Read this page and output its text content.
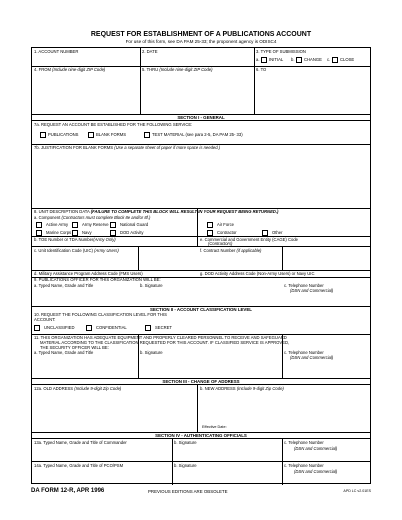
REQUEST FOR ESTABLISHMENT OF A PUBLICATIONS ACCOUNT
For use of this form, see DA PAM 25-33; the proponent agency is ODISC4
1. ACCOUNT NUMBER	2. DATE	3. TYPE OF SUBMISSION
a. INITIAL b. CHANGE c. CLOSE
4. FROM (Include nine-digit ZIP Code)	5. THRU (Include nine-digit ZIP Code)	6. TO
SECTION I - GENERAL
7a. REQUEST AN ACCOUNT BE ESTABLISHED FOR THE FOLLOWING SERVICE:
PUBLICATIONS	BLANK FORMS	TEST MATERIAL (see para 2-5, DA PAM 25- 33)
7b. JUSTIFICATION FOR BLANK FORMS (Use a separate sheet of paper if more space is needed.)
8. UNIT DESCRIPTION DATA (FAILURE TO COMPLETE THIS BLOCK WILL RESULT IN YOUR REQUEST BEING RETURNED.)
a. Component (Contractors must complete Block 8e and/or 8f.)
Active Army	Army Reserve	National Guard	Air Force
Marine Corps	Navy	DOD Activity	Contractor	Other
b. TOE Number or TDA Number(Army Only)	e. Commercial and Government Entity (CAGE) Code
(Contractors)
c. Unit Identification Code (UIC) (Army Users)	f. Contract Number (if applicable)
d. Military Assistance Program Address Code (FMS Users)	g. DOD Activity Address Code (Non-Army Users) or Navy UIC
9. PUBLICATIONS OFFICER FOR THIS ORGANIZATION WILL BE:
a. Typed Name, Grade and Title	b. Signature	c. Telephone Number
(DSN and Commercial)
SECTION II - ACCOUNT CLASSIFICATION LEVEL
10. REQUEST THE FOLLOWING CLASSIFICATION LEVEL FOR THIS
ACCOUNT:
UNCLASSIFIED	CONFIDENTIAL	SECRET
11. THIS ORGANIZATION HAS ADEQUATE EQUIPMENT AND PROPERLY CLEARED PERSONNEL TO RECEIVE AND SAFEGUARD
MATERIAL ACCORDING TO THE CLASSIFICATION REQUESTED FOR THIS ACCOUNT. IF CLASSIFIED SERVICE IS APPROVED,
THE SECURITY OFFICER WILL BE:
a. Typed Name, Grade and Title	b. Signature	c. Telephone Number
(DSN and Commercial)
SECTION III - CHANGE OF ADDRESS
12a. OLD ADDRESS (Include 9-digit Zip Code)	b. NEW ADDRESS (Include 9-digit Zip Code)
Effective Date:
SECTION IV - AUTHENTICATING OFFICIALS
13a. Typed Name, Grade and Title of Commander	b. Signature	c. Telephone Number
(DSN and Commercial)
14a. Typed Name, Grade and Title of PCO/PSM	b. Signature	c. Telephone Number
(DSN and Commercial)
DA FORM 12-R, APR 1996	PREVIOUS EDITIONS ARE OBSOLETE	APD LC v2.01ES
